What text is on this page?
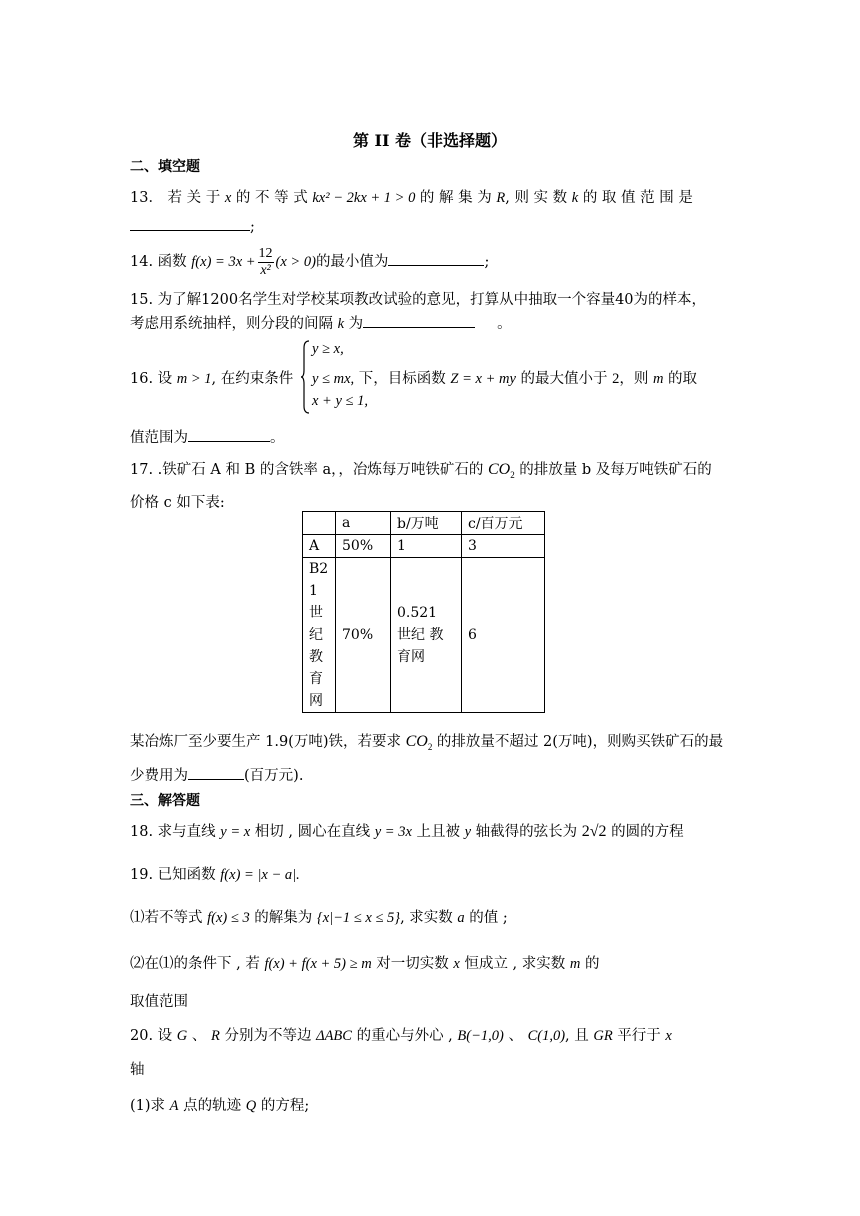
第 II 卷（非选择题）
二、填空题
13． 若 关 于 x 的 不 等 式 kx² − 2kx + 1 > 0 的 解 集 为 R, 则 实 数 k 的 取 值 范 围 是
;
14. 函数 $f(x) = 3x + \frac{12}{\text{x²}} (x > 0)$的最小值为	;
15. 为了解1200名学生对学校某项教改试验的意见，打算从中抽取一个容量40为的样本，
考虑用系统抽样，则分段的间隔 k 为	。
y ≥ x,
y ≤ mx, 下，目标函数 Z = x + my 的最大值小于 2，则 m 的取
16. 设 m > 1, 在约束条件
x + y ≤ 1,
值范围为	。
17. .铁矿石 A 和 B 的含铁率 a，，冶炼每万吨铁矿石的 $CO_2$ 的排放量 b 及每万吨铁矿石的
价格 c 如下表:
	a	b/万吨	c/百万元
A	50%	1	3
B21世纪教育网	70%	0.521 世纪 教 育网	6
某冶炼厂至少要生产 1.9(万吨)铁，若要求 $CO_2$ 的排放量不超过 2(万吨)，则购买铁矿石的最
少费用为	(百万元).
三、解答题
18. 求与直线 y = x 相切 , 圆心在直线 y = 3x 上且被 y 轴截得的弦长为 2√2 的圆的方程
19. 已知函数 f(x) = |x − a|.
⑴若不等式 f(x) ≤ 3 的解集为 {x|−1 ≤ x ≤ 5}, 求实数 a 的值 ;
⑵在⑴的条件下 , 若 f(x) + f(x + 5) ≥ m 对一切实数 x 恒成立 , 求实数 m 的
取值范围
20. 设 G 、 R 分别为不等边 ΔABC 的重心与外心 , B(−1,0) 、 C(1,0), 且 GR 平行于 x
轴
(1)求 A 点的轨迹 Q 的方程;
